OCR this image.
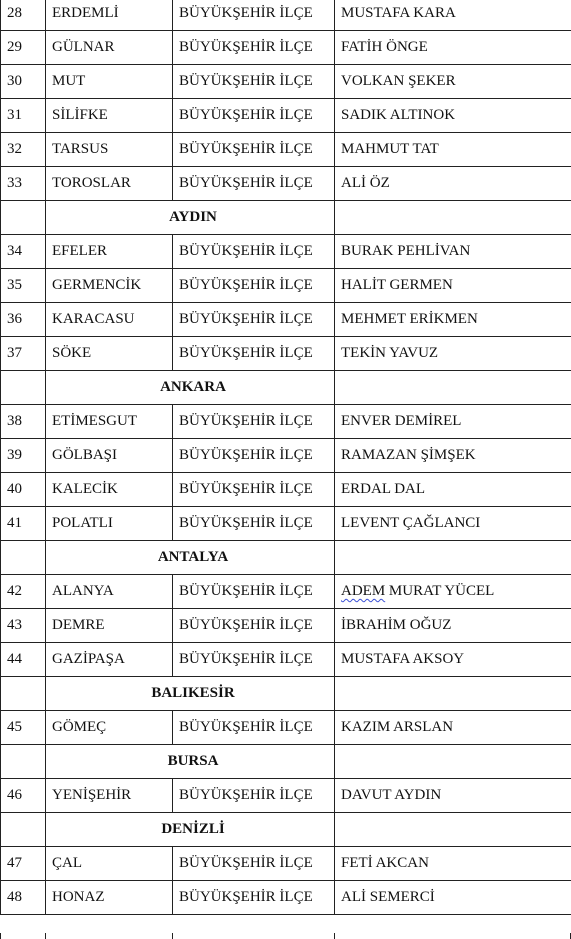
28	ERDEMLİ	BÜYÜKŞEHİR İLÇE	MUSTAFA KARA
29	GÜLNAR	BÜYÜKŞEHİR İLÇE	FATİH ÖNGE
30	MUT	BÜYÜKŞEHİR İLÇE	VOLKAN ŞEKER
31	SİLİFKE	BÜYÜKŞEHİR İLÇE	SADIK ALTINOK
32	TARSUS	BÜYÜKŞEHİR İLÇE	MAHMUT TAT
33	TOROSLAR	BÜYÜKŞEHİR İLÇE	ALİ ÖZ
	AYDIN		
34	EFELER	BÜYÜKŞEHİR İLÇE	BURAK PEHLİVAN
35	GERMENCİK	BÜYÜKŞEHİR İLÇE	HALİT GERMEN
36	KARACASU	BÜYÜKŞEHİR İLÇE	MEHMET ERİKMEN
37	SÖKE	BÜYÜKŞEHİR İLÇE	TEKİN YAVUZ
	ANKARA		
38	ETİMESGUT	BÜYÜKŞEHİR İLÇE	ENVER DEMİREL
39	GÖLBAŞI	BÜYÜKŞEHİR İLÇE	RAMAZAN ŞİMŞEK
40	KALECİK	BÜYÜKŞEHİR İLÇE	ERDAL DAL
41	POLATLI	BÜYÜKŞEHİR İLÇE	LEVENT ÇAĞLANCI
	ANTALYA		
42	ALANYA	BÜYÜKŞEHİR İLÇE	ADEM MURAT YÜCEL
43	DEMRE	BÜYÜKŞEHİR İLÇE	İBRAHİM OĞUZ
44	GAZİPAŞA	BÜYÜKŞEHİR İLÇE	MUSTAFA AKSOY
	BALIKESİR		
45	GÖMEÇ	BÜYÜKŞEHİR İLÇE	KAZIM ARSLAN
	BURSA		
46	YENİŞEHİR	BÜYÜKŞEHİR İLÇE	DAVUT AYDIN
	DENİZLİ		
47	ÇAL	BÜYÜKŞEHİR İLÇE	FETİ AKCAN
48	HONAZ	BÜYÜKŞEHİR İLÇE	ALİ SEMERCİ
